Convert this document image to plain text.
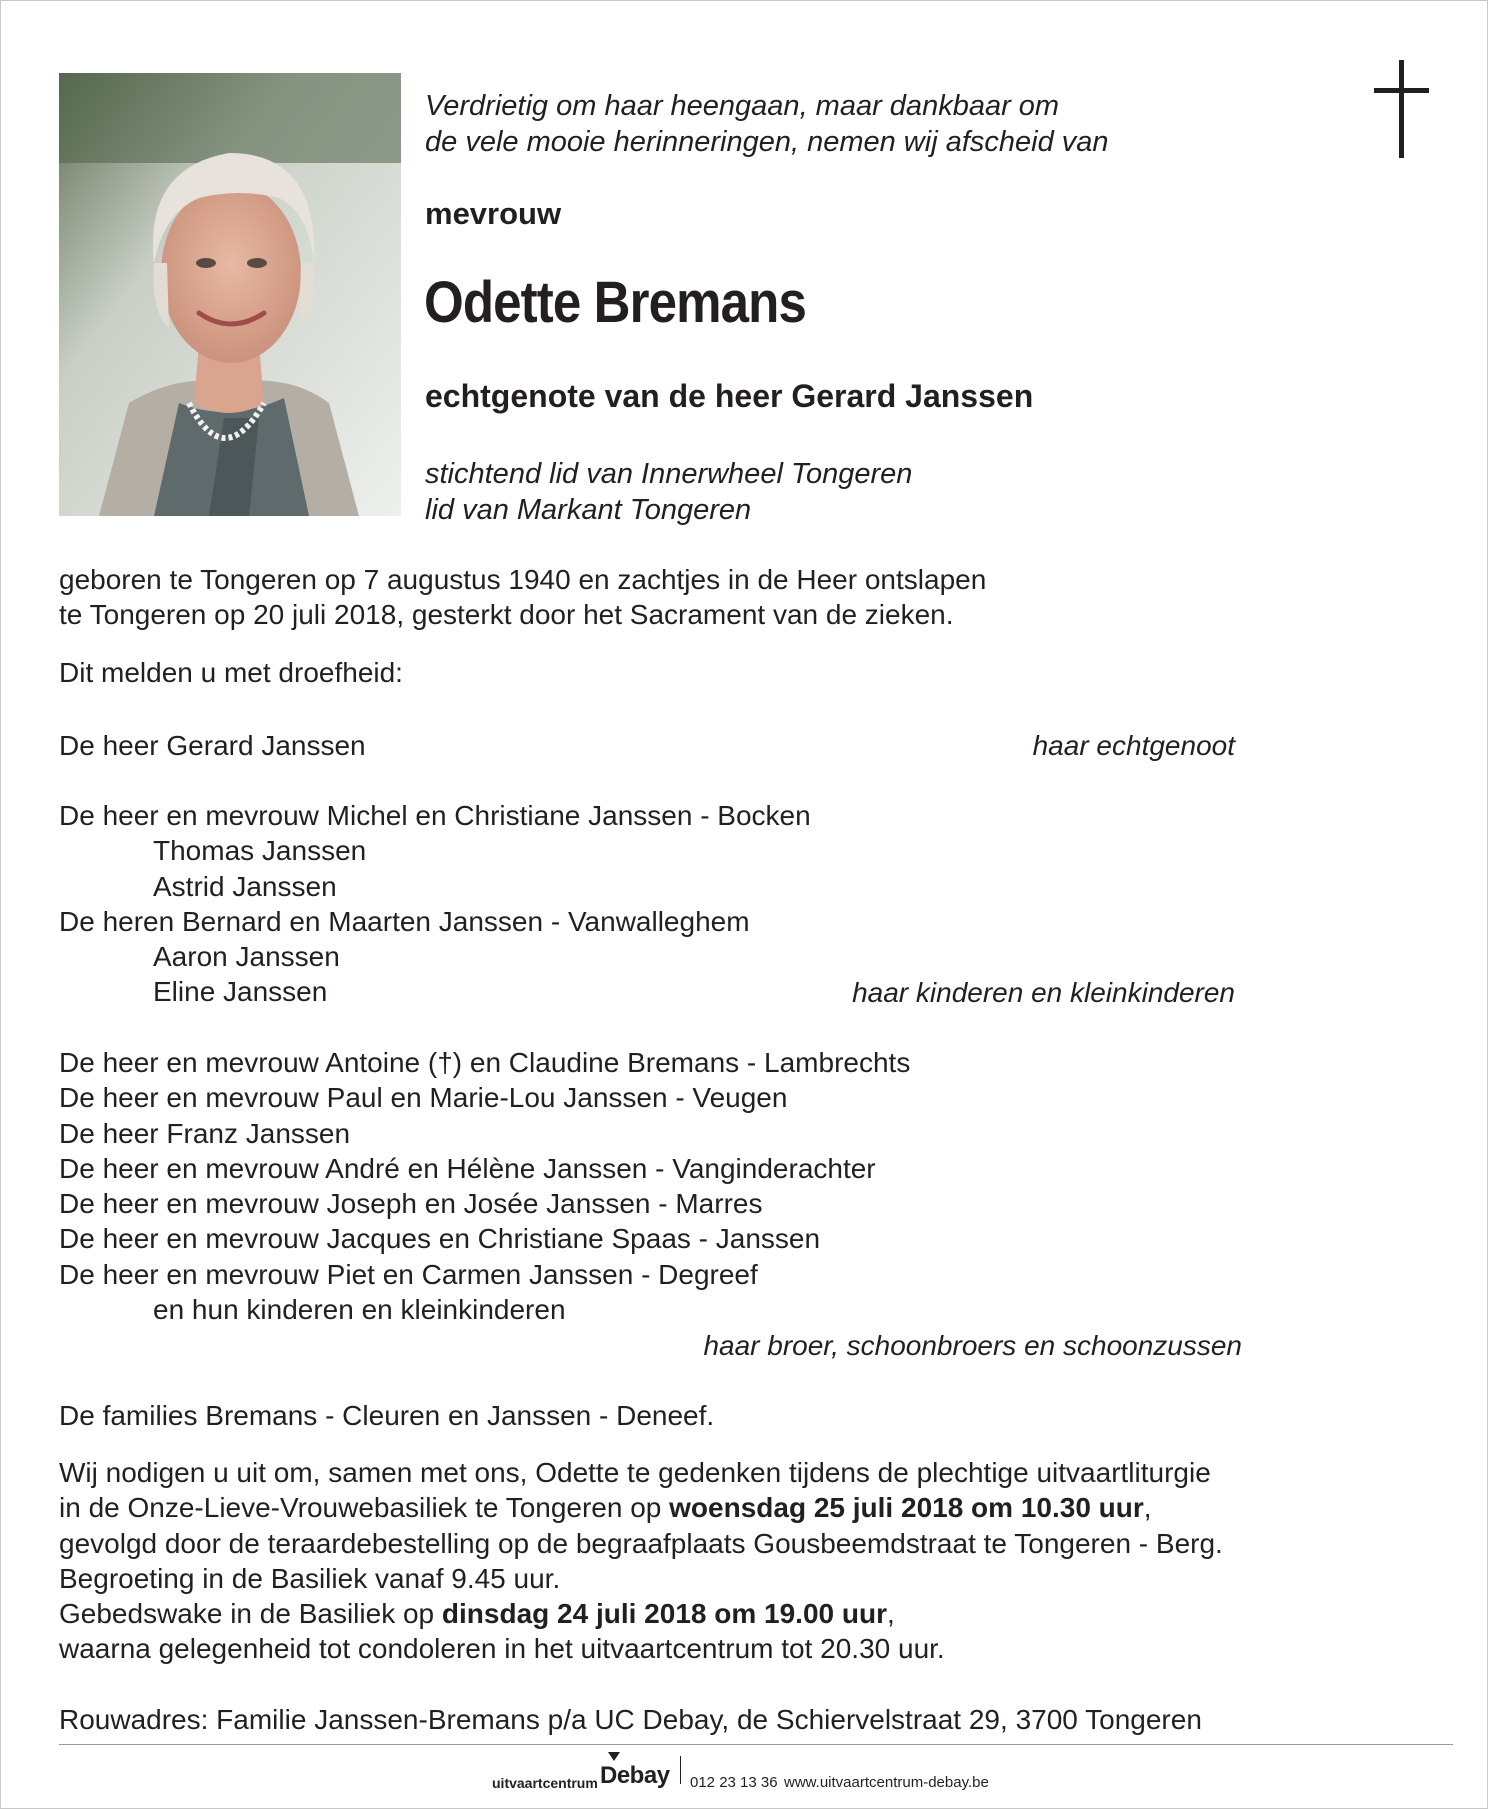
Verdrietig om haar heengaan, maar dankbaar om
de vele mooie herinneringen, nemen wij afscheid van
mevrouw
Odette Bremans
echtgenote van de heer Gerard Janssen
stichtend lid van Innerwheel Tongeren
lid van Markant Tongeren
geboren te Tongeren op 7 augustus 1940 en zachtjes in de Heer ontslapen
te Tongeren op 20 juli 2018, gesterkt door het Sacrament van de zieken.
Dit melden u met droefheid:
De heer Gerard Janssen	haar echtgenoot
De heer en mevrouw Michel en Christiane Janssen - Bocken
Thomas Janssen
Astrid Janssen
De heren Bernard en Maarten Janssen - Vanwalleghem
Aaron Janssen
Eline Janssen	haar kinderen en kleinkinderen
De heer en mevrouw Antoine (†) en Claudine Bremans - Lambrechts
De heer en mevrouw Paul en Marie-Lou Janssen - Veugen
De heer Franz Janssen
De heer en mevrouw André en Hélène Janssen - Vanginderachter
De heer en mevrouw Joseph en Josée Janssen - Marres
De heer en mevrouw Jacques en Christiane Spaas - Janssen
De heer en mevrouw Piet en Carmen Janssen - Degreef
en hun kinderen en kleinkinderen
haar broer, schoonbroers en schoonzussen
De families Bremans - Cleuren en Janssen - Deneef.
Wij nodigen u uit om, samen met ons, Odette te gedenken tijdens de plechtige uitvaartliturgie
in de Onze-Lieve-Vrouwebasiliek te Tongeren op woensdag 25 juli 2018 om 10.30 uur,
gevolgd door de teraardebestelling op de begraafplaats Gousbeemdstraat te Tongeren - Berg.
Begroeting in de Basiliek vanaf 9.45 uur.
Gebedswake in de Basiliek op dinsdag 24 juli 2018 om 19.00 uur,
waarna gelegenheid tot condoleren in het uitvaartcentrum tot 20.30 uur.
Rouwadres: Familie Janssen-Bremans p/a UC Debay, de Schiervelstraat 29, 3700 Tongeren
uitvaartcentrum Debay 012 23 13 36 www.uitvaartcentrum-debay.be
